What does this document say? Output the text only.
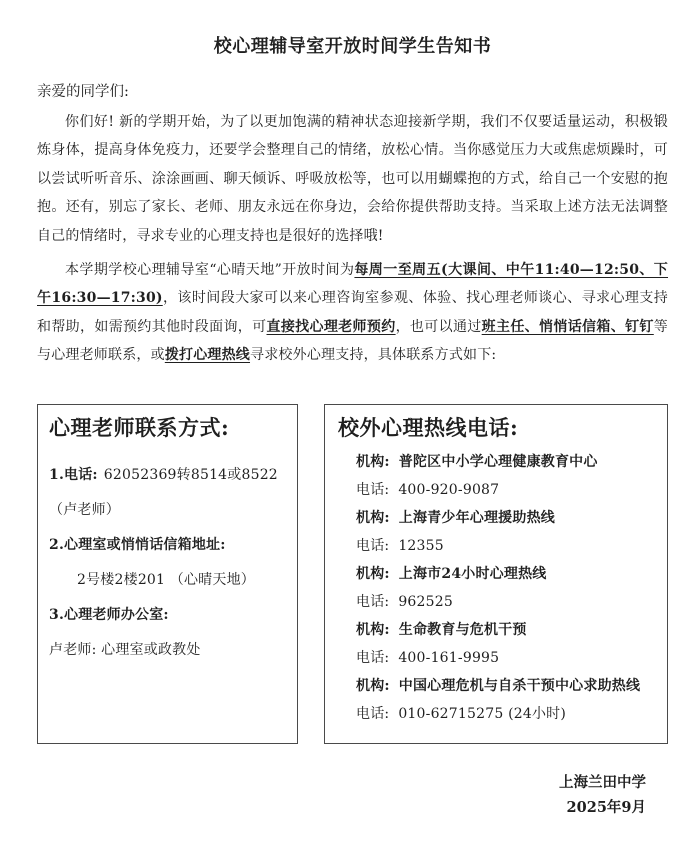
校心理辅导室开放时间学生告知书

亲爱的同学们:

你们好! 新的学期开始，为了以更加饱满的精神状态迎接新学期，我们不仅要适量运动，积极锻炼身体，提高身体免疫力，还要学会整理自己的情绪，放松心情。当你感觉压力大或焦虑烦躁时，可以尝试听听音乐、涂涂画画、聊天倾诉、呼吸放松等，也可以用蝴蝶抱的方式，给自己一个安慰的抱抱。还有，别忘了家长、老师、朋友永远在你身边，会给你提供帮助支持。当采取上述方法无法调整自己的情绪时，寻求专业的心理支持也是很好的选择哦!

本学期学校心理辅导室“心晴天地”开放时间为每周一至周五(大课间、中午11:40—12:50、下午16:30—17:30)，该时间段大家可以来心理咨询室参观、体验、找心理老师谈心、寻求心理支持和帮助，如需预约其他时段面询，可直接找心理老师预约，也可以通过班主任、悄悄话信箱、钉钉等与心理老师联系，或拨打心理热线寻求校外心理支持，具体联系方式如下:

心理老师联系方式:

1.电话: 62052369转8514或8522 （卢老师）

2.心理室或悄悄话信箱地址:

2号楼2楼201 （心晴天地）

3.心理老师办公室:

卢老师: 心理室或政教处

校外心理热线电话:

机构: 普陀区中小学心理健康教育中心

电话: 400-920-9087

机构: 上海青少年心理援助热线

电话: 12355

机构: 上海市24小时心理热线

电话: 962525

机构: 生命教育与危机干预

电话: 400-161-9995

机构: 中国心理危机与自杀干预中心求助热线

电话: 010-62715275 (24小时)

上海兰田中学
2025年9月
